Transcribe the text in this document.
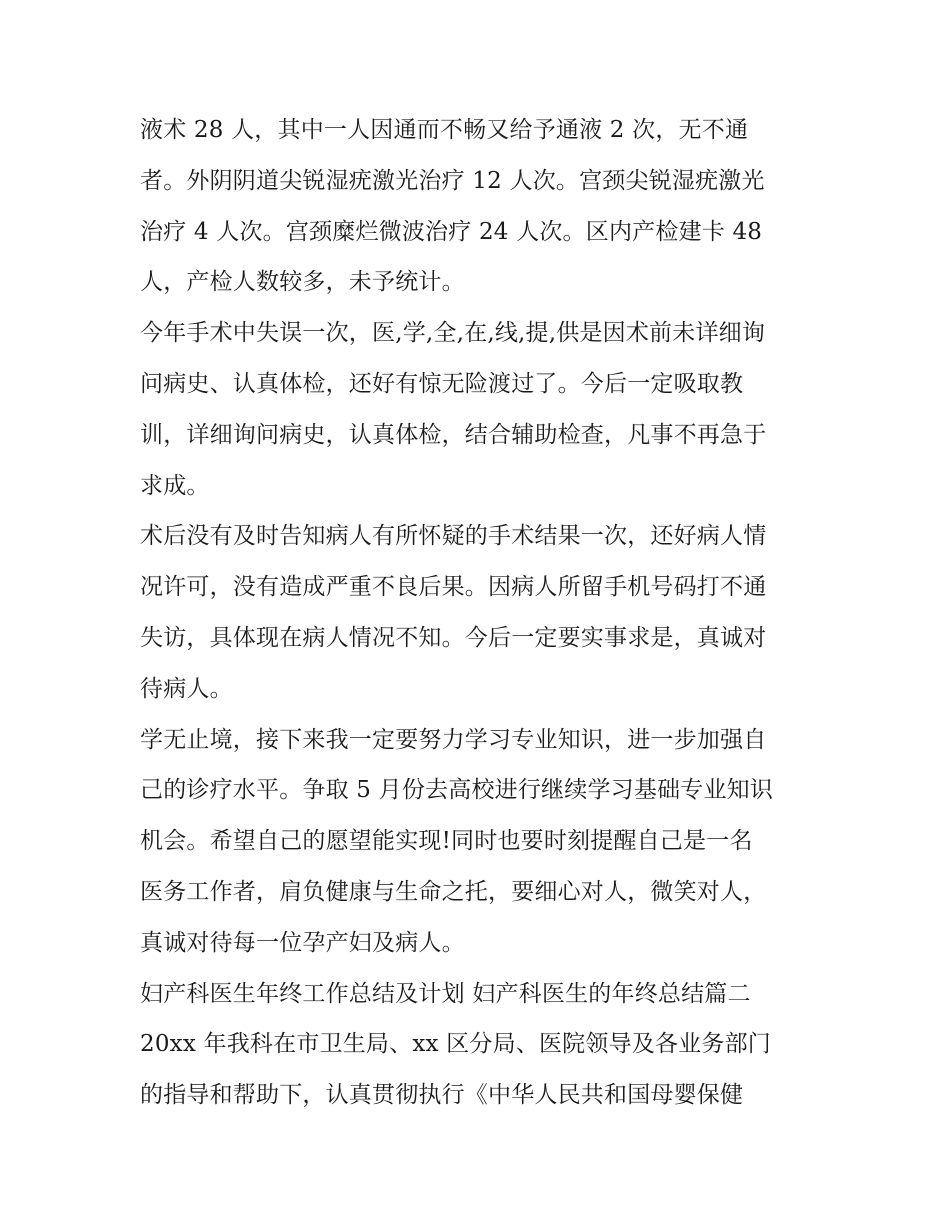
液术 28 人，其中一人因通而不畅又给予通液 2 次，无不通
者。外阴阴道尖锐湿疣激光治疗 12 人次。宫颈尖锐湿疣激光
治疗 4 人次。宫颈糜烂微波治疗 24 人次。区内产检建卡 48
人，产检人数较多，未予统计。
今年手术中失误一次，医,学,全,在,线,提,供是因术前未详细询
问病史、认真体检，还好有惊无险渡过了。今后一定吸取教
训，详细询问病史，认真体检，结合辅助检查，凡事不再急于
求成。
术后没有及时告知病人有所怀疑的手术结果一次，还好病人情
况许可，没有造成严重不良后果。因病人所留手机号码打不通
失访，具体现在病人情况不知。今后一定要实事求是，真诚对
待病人。
学无止境，接下来我一定要努力学习专业知识，进一步加强自
己的诊疗水平。争取 5 月份去高校进行继续学习基础专业知识
机会。希望自己的愿望能实现!同时也要时刻提醒自己是一名
医务工作者，肩负健康与生命之托，要细心对人，微笑对人，
真诚对待每一位孕产妇及病人。
妇产科医生年终工作总结及计划 妇产科医生的年终总结篇二
20xx 年我科在市卫生局、xx 区分局、医院领导及各业务部门
的指导和帮助下，认真贯彻执行《中华人民共和国母婴保健
